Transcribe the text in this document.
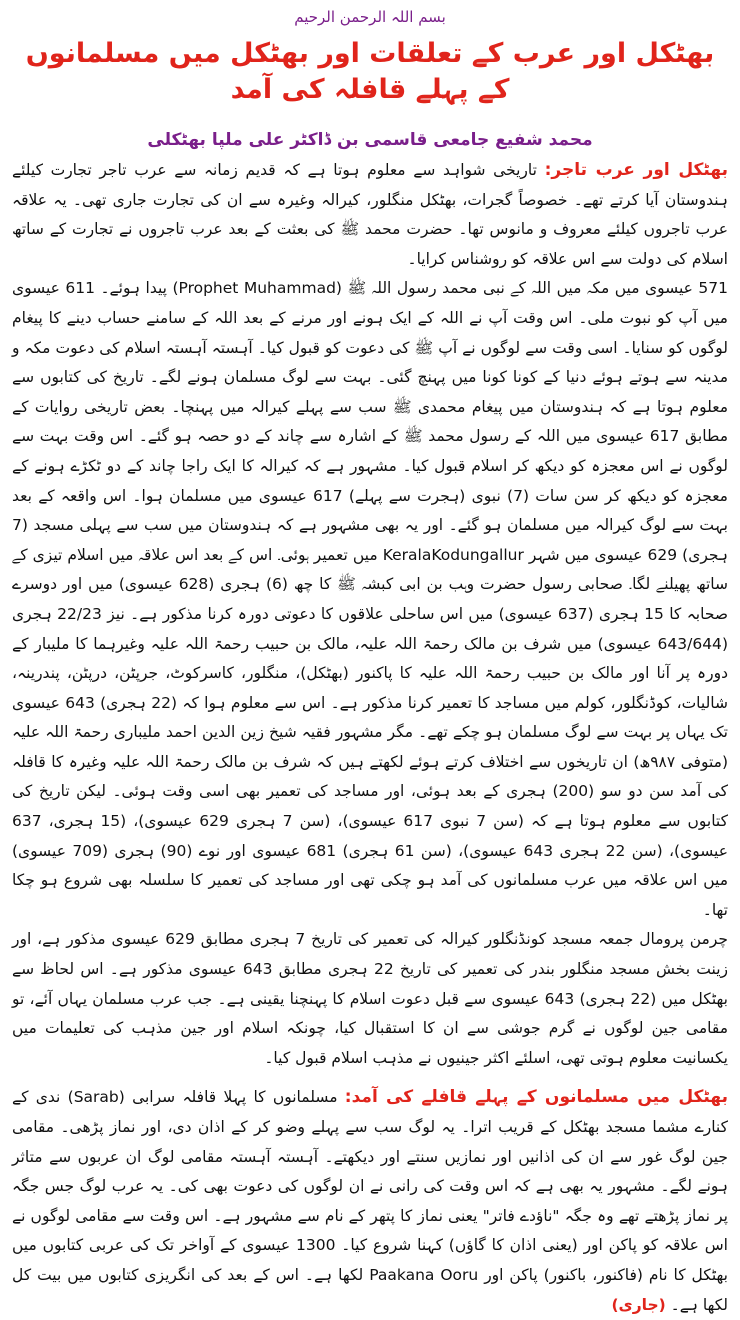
بسم اللہ الرحمن الرحیم
بھٹکل اور عرب کے تعلقات اور بھٹکل میں مسلمانوں کے پہلے قافلہ کی آمد
محمد شفیع جامعی قاسمی بن ڈاکٹر علی ملپا بھٹکلی

بھٹکل اور عرب تاجر: تاریخی شواہد سے معلوم ہوتا ہے کہ قدیم زمانہ سے عرب تاجر تجارت کیلئے ہندوستان آیا کرتے تھے۔ خصوصاً گجرات، بھٹکل منگلور، کیرالہ وغیرہ سے ان کی تجارت جاری تھی۔ یہ علاقہ عرب تاجروں کیلئے معروف و مانوس تھا۔ حضرت محمد ﷺ کی بعثت کے بعد عرب تاجروں نے تجارت کے ساتھ اسلام کی دولت سے اس علاقہ کو روشناس کرایا۔

571 عیسوی میں مکہ میں اللہ کے نبی محمد رسول اللہ ﷺ (Prophet Muhammad) پیدا ہوئے۔ 611 عیسوی میں آپ کو نبوت ملی۔ اس وقت آپ نے اللہ کے ایک ہونے اور مرنے کے بعد اللہ کے سامنے حساب دینے کا پیغام لوگوں کو سنایا۔ اسی وقت سے لوگوں نے آپ ﷺ کی دعوت کو قبول کیا۔ آہستہ آہستہ اسلام کی دعوت مکہ و مدینہ سے ہوتے ہوئے دنیا کے کونا کونا میں پہنچ گئی۔ بہت سے لوگ مسلمان ہونے لگے۔ تاریخ کی کتابوں سے معلوم ہوتا ہے کہ ہندوستان میں پیغام محمدی ﷺ سب سے پہلے کیرالہ میں پہنچا۔ بعض تاریخی روایات کے مطابق 617 عیسوی میں اللہ کے رسول محمد ﷺ کے اشارہ سے چاند کے دو حصہ ہو گئے۔ اس وقت بہت سے لوگوں نے اس معجزہ کو دیکھ کر اسلام قبول کیا۔ مشہور ہے کہ کیرالہ کا ایک راجا چاند کے دو ٹکڑے ہونے کے معجزہ کو دیکھ کر سن سات (7) نبوی (ہجرت سے پہلے) 617 عیسوی میں مسلمان ہوا۔ اس واقعہ کے بعد بہت سے لوگ کیرالہ میں مسلمان ہو گئے۔ اور یہ بھی مشہور ہے کہ ہندوستان میں سب سے پہلی مسجد (7 ہجری) 629 عیسوی میں شہر KeralaKodungallur میں تعمیر ہوئی۔ اس کے بعد اس علاقہ میں اسلام تیزی کے ساتھ پھیلنے لگا۔ صحابی رسول حضرت وہب بن ابی کبشہ ﷺ کا چھ (6) ہجری (628 عیسوی) میں اور دوسرے صحابہ کا 15 ہجری (637 عیسوی) میں اس ساحلی علاقوں کا دعوتی دورہ کرنا مذکور ہے۔ نیز 22/23 ہجری (643/644 عیسوی) میں شرف بن مالک رحمۃ اللہ علیہ، مالک بن حبیب رحمۃ اللہ علیہ وغیرہما کا ملیبار کے دورہ پر آنا اور مالک بن حبیب رحمۃ اللہ علیہ کا پاکنور (بھٹکل)، منگلور، کاسرکوٹ، جرپٹن، درپٹن، پندرینہ، شالیات، کوڈنگلور، کولم میں مساجد کا تعمیر کرنا مذکور ہے۔ اس سے معلوم ہوا کہ (22 ہجری) 643 عیسوی تک یہاں پر بہت سے لوگ مسلمان ہو چکے تھے۔ مگر مشہور فقیہ شیخ زین الدین احمد ملیباری رحمۃ اللہ علیہ (متوفی ۹۸۷ھ) ان تاریخوں سے اختلاف کرتے ہوئے لکھتے ہیں کہ شرف بن مالک رحمۃ اللہ علیہ وغیرہ کا قافلہ کی آمد سن دو سو (200) ہجری کے بعد ہوئی، اور مساجد کی تعمیر بھی اسی وقت ہوئی۔ لیکن تاریخ کی کتابوں سے معلوم ہوتا ہے کہ (سن 7 نبوی 617 عیسوی)، (سن 7 ہجری 629 عیسوی)، (15 ہجری، 637 عیسوی)، (سن 22 ہجری 643 عیسوی)، (سن 61 ہجری) 681 عیسوی اور نوے (90) ہجری (709 عیسوی) میں اس علاقہ میں عرب مسلمانوں کی آمد ہو چکی تھی اور مساجد کی تعمیر کا سلسلہ بھی شروع ہو چکا تھا۔

چرمن پرومال جمعہ مسجد کونڈنگلور کیرالہ کی تعمیر کی تاریخ 7 ہجری مطابق 629 عیسوی مذکور ہے، اور زینت بخش مسجد منگلور بندر کی تعمیر کی تاریخ 22 ہجری مطابق 643 عیسوی مذکور ہے۔ اس لحاظ سے بھٹکل میں (22 ہجری) 643 عیسوی سے قبل دعوت اسلام کا پہنچنا یقینی ہے۔ جب عرب مسلمان یہاں آئے، تو مقامی جین لوگوں نے گرم جوشی سے ان کا استقبال کیا، چونکہ اسلام اور جین مذہب کی تعلیمات میں یکسانیت معلوم ہوتی تھی، اسلئے اکثر جینیوں نے مذہب اسلام قبول کیا۔

بھٹکل میں مسلمانوں کے پہلے قافلے کی آمد: مسلمانوں کا پہلا قافلہ سرابی (Sarab) ندی کے کنارے مشما مسجد بھٹکل کے قریب اترا۔ یہ لوگ سب سے پہلے وضو کر کے اذان دی، اور نماز پڑھی۔ مقامی جین لوگ غور سے ان کی اذانیں اور نمازیں سنتے اور دیکھتے۔ آہستہ آہستہ مقامی لوگ ان عربوں سے متاثر ہونے لگے۔ مشہور یہ بھی ہے کہ اس وقت کی رانی نے ان لوگوں کی دعوت بھی کی۔ یہ عرب لوگ جس جگہ پر نماز پڑھتے تھے وہ جگہ "ناؤدے فاتر" یعنی نماز کا پتھر کے نام سے مشہور ہے۔ اس وقت سے مقامی لوگوں نے اس علاقہ کو پاکن اور (یعنی اذان کا گاؤں) کہنا شروع کیا۔ 1300 عیسوی کے آواخر تک کی عربی کتابوں میں بھٹکل کا نام (فاکنور، باکنور) پاکن اور Paakana Ooru لکھا ہے۔ اس کے بعد کی انگریزی کتابوں میں بیت کل لکھا ہے۔ (جاری)
